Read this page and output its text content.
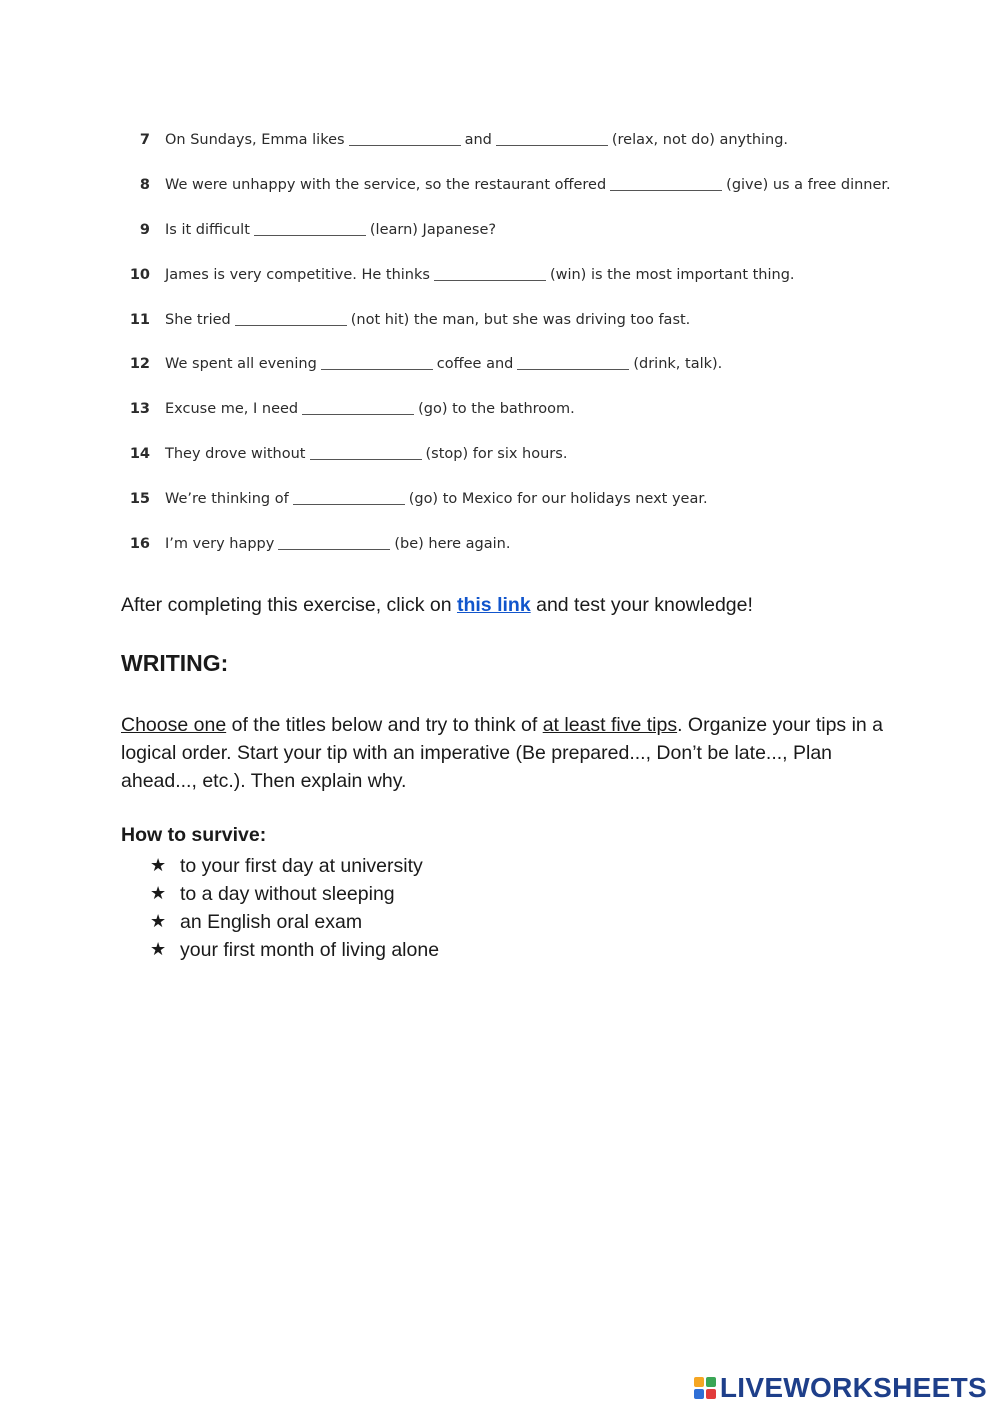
7 On Sundays, Emma likes	and	(relax, not do) anything.
8 We were unhappy with the service, so the restaurant offered	(give) us a free dinner.
9 Is it difficult	(learn) Japanese?
10 James is very competitive. He thinks	(win) is the most important thing.
11 She tried	(not hit) the man, but she was driving too fast.
12 We spent all evening	coffee and	(drink, talk).
13 Excuse me, I need	(go) to the bathroom.
14 They drove without	(stop) for six hours.
15 We’re thinking of	(go) to Mexico for our holidays next year.
16 I’m very happy	(be) here again.
After completing this exercise, click on this link and test your knowledge!
WRITING:
Choose one of the titles below and try to think of at least five tips. Organize your tips in a logical order. Start your tip with an imperative (Be prepared..., Don’t be late..., Plan ahead..., etc.). Then explain why.
How to survive:
★ to your first day at university
★ to a day without sleeping
★ an English oral exam
★ your first month of living alone
LIVEWORKSHEETS
